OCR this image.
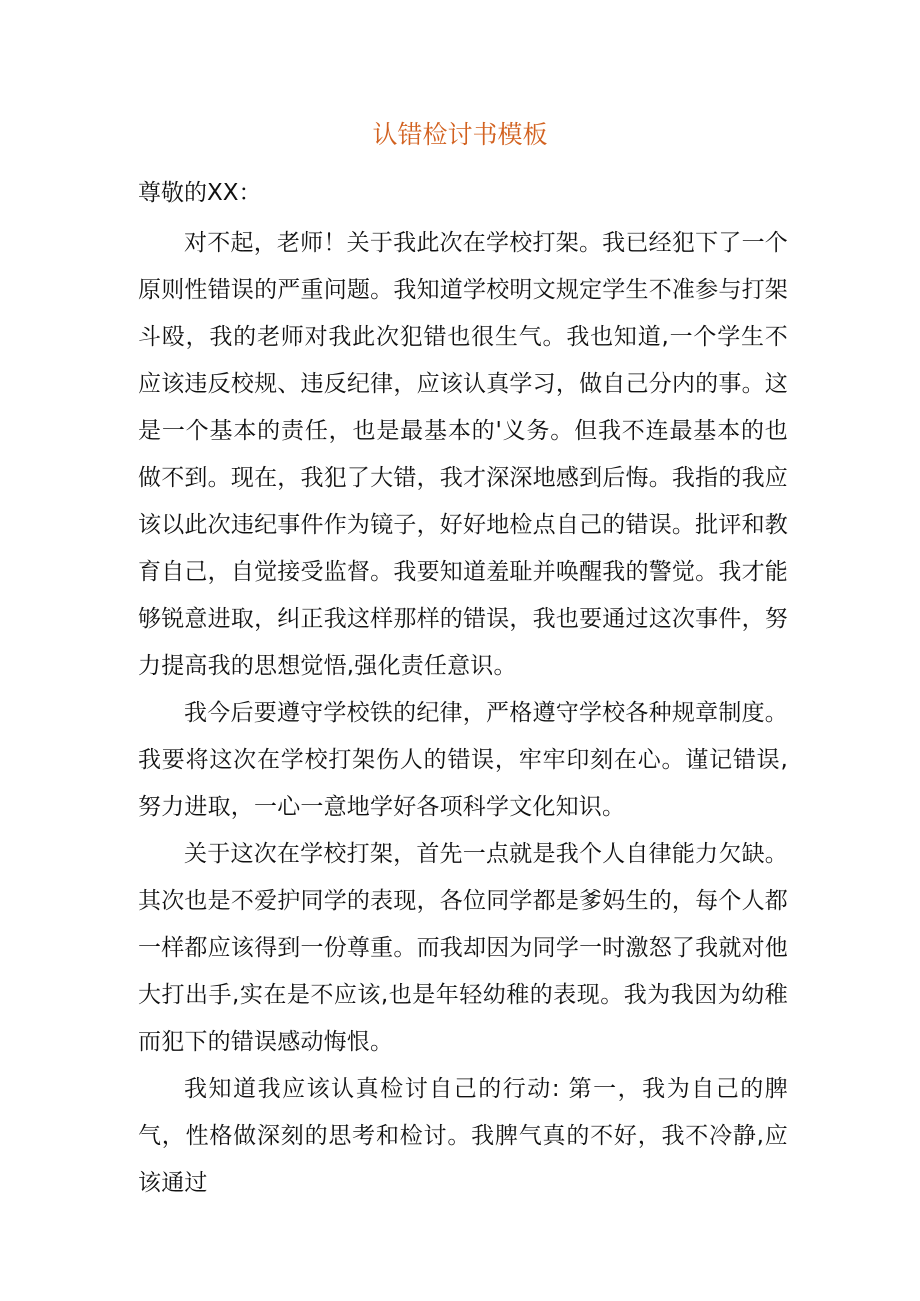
认错检讨书模板

尊敬的XX：

对不起，老师！关于我此次在学校打架。我已经犯下了一个原则性错误的严重问题。我知道学校明文规定学生不准参与打架斗殴，我的老师对我此次犯错也很生气。我也知道,一个学生不应该违反校规、违反纪律，应该认真学习，做自己分内的事。这是一个基本的责任，也是最基本的'义务。但我不连最基本的也做不到。现在，我犯了大错，我才深深地感到后悔。我指的我应该以此次违纪事件作为镜子，好好地检点自己的错误。批评和教育自己，自觉接受监督。我要知道羞耻并唤醒我的警觉。我才能够锐意进取，纠正我这样那样的错误，我也要通过这次事件，努力提高我的思想觉悟,强化责任意识。

我今后要遵守学校铁的纪律，严格遵守学校各种规章制度。我要将这次在学校打架伤人的错误，牢牢印刻在心。谨记错误,努力进取，一心一意地学好各项科学文化知识。

关于这次在学校打架，首先一点就是我个人自律能力欠缺。其次也是不爱护同学的表现，各位同学都是爹妈生的，每个人都一样都应该得到一份尊重。而我却因为同学一时激怒了我就对他大打出手,实在是不应该,也是年轻幼稚的表现。我为我因为幼稚而犯下的错误感动悔恨。

我知道我应该认真检讨自己的行动: 第一，我为自己的脾气，性格做深刻的思考和检讨。我脾气真的不好，我不冷静,应该通过
